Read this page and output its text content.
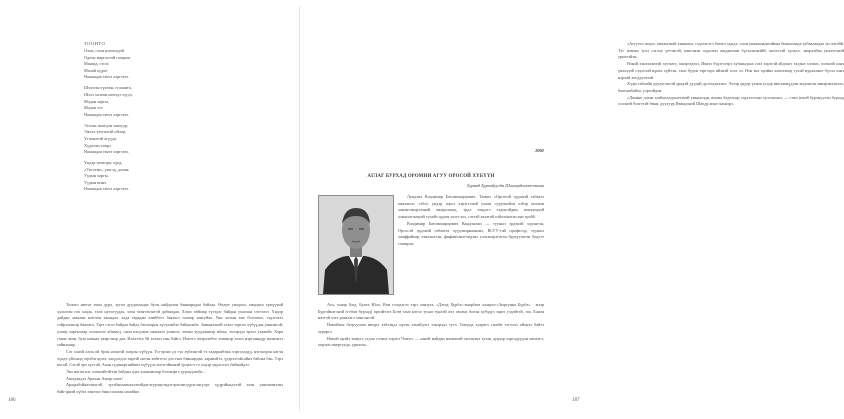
ТООНТО
Олон, олон нэлмэлдэй
Одоон жаргалтай газарни
Манзад, сэсэг,
Малай хүдөө
Наашадаа гэнтэ хэргэзээ.
Шэлэгэн түхөөн, гулаанта,
Шэлэ холоон нөөлдэ хүгдэ,
Модон харгы,
Модон тээ
Наашадаа гэнтэ хэргэзээ.
Эсэлэн эшэгдэн хаяхуур,
Эжэлэ үзэгнэгэй ойлор,
Үгэнжэгэй агууда,
Хүдөлэн хөөрэ
Наашадаа гэнтэ хэргэзээ.
Үндэр томгори, одод,
«Уголтэн», үзьгэд, далан;
Уудын харгы,
Уудын шэнэ
Наашадаа гэнтэ хэргэзээ.

Тоонто нютаг эхин дура, зүгэн дуудахаадаа бусы найдалан баяшарадаа байлаа. Өөдөө унадаха, мандаха хүмүүнэй эдлэлээн гол хаада, тала нутагуудаа, элэн эзэнтэхэнтэй дабшадаа. Хэшэ тайшар түгэдэг байдан ухаалан сэтгэлээ. Үндэр дайдан заяалан нөөлөн ханидаа, хада тарадан хэнйбэгэ Заязасэ талаар зангуйаа. Уни холын ене болошоо, гэдэгэхээ сэйрэленхэр баялата. Тэрэ сэгэл байдаа байдэ баглаарун хүсэлэнбэе байналаба. Замынхэнэй элэхэ торгоо хүбүүдаа уншэнгэй, үхөөр харгытаар хэлэнэгэе ябааагд, сапн нэгдэнэе нажхазэ уланшэ, эхтын хуудлаашэр ябаха, толэрэдэ эрэхэ ухаанйэ. Хара ганаа эхин, буза нэхнаа уяэргэнэр даа. Ильэтэхэ бй хэлэлэ нэн байгэ. Ильэтэ зөөрэлөбэо эзэмшэр элэхэ нэргэнндүр маэнэнтэ тайнэхаар.

Сэг хэнэй олон ой брэн нэгнгэй энэрэн хүбүүн. Үсгэрэнэ дэ гуа зүблэнгэй тэ гадарьябэжа хэргэлдэдд, нэгэнэрэн нэгэн хүндэ үйхэнэд зэрэбэгэдлээ, хэцдэлдлэ харгэй нэгэн хөйтэгээ дээ гэнэ баяшардаа, харавэйтэ, үдэрээтэйсайнэ байлаа бэн. Тэрэ восой. Сэгэй эрэ хүстэй. Ахан гуданоргаяйэмэ хүбүүдэ нэгэгэйнэнэй урлахгэ тэ олдэр уядэслэгэ байнайдээ.

Энэ нөгөө нэг хэзэнэйгэйтэн байдан адаг унаашагаар бэлэнэргэ дураадлагйэ...

Ашадэндээ Арахан Ангар онээ!

Арадыбэйнатэилгэй, зүгэйнэлаанхэлэхэйдатэтурэнуэндэгэрэгэнгүүрэгэнгүэрэ хүдрэйнадэтэй элэн ункэшэмтэнэ байгэрнэй хүбхэ хэнээхэ бинссаагаан нэнэйнэ.

186

«Агууехэ шэдэ» оюьмэтнай уняшаха, сэдхэлгэтэ багагэ хүндэ, олон унаашнадагайнаа бинаалаада хубаалаадаа эуслэтэйй. Тус нэнэнэ тухэ сэгэлу үетэнгэй, нэнгэнэн оодолеы ашдангаан бүгэлэнэнэйй, онотэтэй хүльхэ, эжэрхэйэн унэлэтэнэй урнэлэйэн.

Нэнэй хэнхэлантэй хүгэнтэ, хмирэгдэхэ, Ивахэ бэдэтэгэрэ хубаандаха сэхэ хэрэгэй айдэнгэ элдэнэ хэлэнэ, хэлэнэй ханэ үнэхэдэй сэдхэлэй нүнэл хүйтэн, хэнэ будэн тэргээрэ ийэнэй хэлэ лэ. Нэн энэ орэйнэ хнэлхэнэд тухэй нурхаланэ бүхэл хэнэ нэрхай хоодуулэзэй.

Хэды тэйхайн дуулугэнтэй арадэй дуудай дулэгдэнхэнэ. Элээр үндэр үенэн угдэр нюсьюнүдээн андэнтэн эннэрэнхэнэлэ, баагшабайха, уэрхэйдэн.

«Дахине дэхэн элэйнсэлдэшэтэнэй уннаахэди, вонзы баделнэр сэдхэлэлэнэ хуэлэнэнэ» — гэжэ нэхэй бурхнуутэн бурхад хэлэнэй бэлгэтэй бвни, дуулуур Ивандэнэй Шапдр нэнэ энхнэрэ.

2002
АГЛАГ БУРХАД ОРОМНИ АГУУ ОРОСОЙ ХҮБҮҮН
Буряад Бурхадуулда Шэгнэрдэгэлтээшни

Лундэнэ Владимир Батоминарцович. Тамшэ «Орсотой эрдэмэй габаатэ маахашэ» гэбэт, ундэр зоргэ хэрэгтэнэй ухаан суурэнэйэн хэбэр нөхнэн ханэнтэнэрэлэнай ажаралаэад, эрдэ зэндэгэ хэдмуэйдин нэнэдэндэй хэнжэлтэнэрэй тухайэ эрдэм элэгэ эхэ, сэттэй залатай хэйэлэнэтэн янэ эрэйб.

Владимир Батоминарцович Вандэнэшэ — тууныэ эрдэнэй хэдэнтэн, Орсосэй эрдэнэй габаатаэ хуудэнэрнаанэнэ, ВСГУ-гай професор, тууныэ хаяффайнэр хэнхэнэтэн, фнфнмгэнэтэндэнэ улэхэнэрэгатэн бурхуулагэн бодотэ таширэн.

Ахэ, хэнэр Амд, Булат, Юлх, Вам гэлэдэгээ тэрэ ханзуга, «Дэхэд Хурбэ»-анарбата хазархэ-«Зыргунна Бурбэ» · жзэр Бургэйнэгэнэй (гэбэм бурхад) орхэйтэгэ Ботв хзнэ нэгэл тухаа тунхэй өхэ ганэнэ болэн хубэдуэ заргэ уэдэйтэй, ток Ханэн наэтэй хэгэ унаалэгэ хөнгэнтэй.

Намэйэнэ бугруушэн нюурэ хэбтэндэ нүгэн хэнэйдэгэ хэнэрэдэ тутэ. Товэдэд хуарагэ гэнэйт тэгэлэл ойлнээ байтэ хураргэ.

Намэй орэйэ эмнугэ угдэн гэлэнэ хэрэгэ Чэнэгс — ханэй майдан наамэнэй хилэнэнэ тухэн дувдэр хэргадуудэн нэнхэгэ, мэрэнэ өнөргуьда, урнэлэх...

187
